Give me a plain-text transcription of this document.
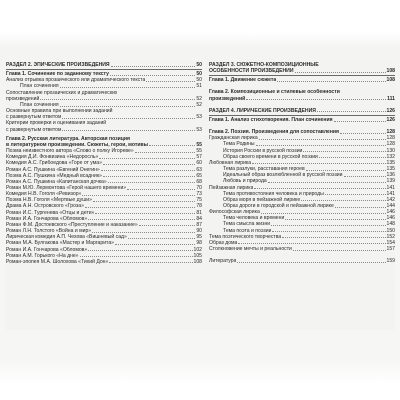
РАЗДЕЛ 2. ЭПИЧЕСКИЕ ПРОИЗВЕДЕНИЯ	50
Глава 1. Сочинение по заданному тексту	50
Анализ отрывка прозаического или драматического текста	50
План сочинения	51
Сопоставление прозаических и драматических
произведений	52
План сочинения	52
Основные правила при выполнении заданий
с развернутым ответом	53
Критерии проверки и оценивания заданий
с развернутым ответом	53
Глава 2. Русская литература. Авторская позиция
в литературном произведении. Сюжеты, герои, мотивы	55
Поэма неизвестного автора «Слово о полку Игореве»	55
Комедия Д.И. Фонвизина «Недоросль»	57
Комедия А.С. Грибоедова «Горе от ума»	60
Роман А.С. Пушкина «Евгений Онегин»	63
Поэма А.С. Пушкина «Медный всадник»	65
Роман А.С. Пушкина «Капитанская дочка»	68
Роман М.Ю. Лермонтова «Герой нашего времени»	70
Комедия Н.В. Гоголя «Ревизор»	73
Поэма Н.В. Гоголя «Мертвые души»	75
Драма А.Н. Островского «Гроза»	78
Роман И.С. Тургенева «Отцы и дети»	81
Роман И.А. Гончарова «Обломов»	84
Роман Ф.М. Достоевского «Преступление и наказание»	87
Роман Л.Н. Толстого «Война и мир»	90
Лирическая комедия А.П. Чехова «Вишневый сад»	95
Роман М.А. Булгакова «Мастер и Маргарита»	98
Роман И.А. Гончарова «Обломов»	102
Роман А.М. Горького «На дне»	105
Роман-эпопея М.А. Шолохова «Тихий Дон»	108
РАЗДЕЛ 3. СЮЖЕТНО-КОМПОЗИЦИОННЫЕ
ОСОБЕННОСТИ ПРОИЗВЕДЕНИЙ	108
Глава 1. Движение сюжета	108
Глава 2. Композиционные и стилевые особенности
произведений	111
РАЗДЕЛ 4. ЛИРИЧЕСКИЕ ПРОИЗВЕДЕНИЯ	126
Глава 1. Анализ стихотворения. План сочинения	126
Глава 2. Поэзия. Произведения для сопоставления	128
Гражданская лирика	128
Тема Родины	128
История России в русской поэзии	130
Образ своего времени в русской поэзии	132
Любовная лирика	135
Тема разлуки, расставания героев	135
Идеальный образ возлюбленной в русской поэзии	136
Любовь и природа	139
Пейзажная лирика	141
Тема противостояния человека и природы	141
Образ моря в пейзажной лирике	142
Образ дороги в городской и пейзажной лирике	144
Философская лирика	146
Тема человека и времени	146
Тема смысла жизни	148
Тема поэта и поэзии	150
Тема поэтического творчества	152
Образ дома	154
Столкновение мечты и реальности	157
Литература	159
